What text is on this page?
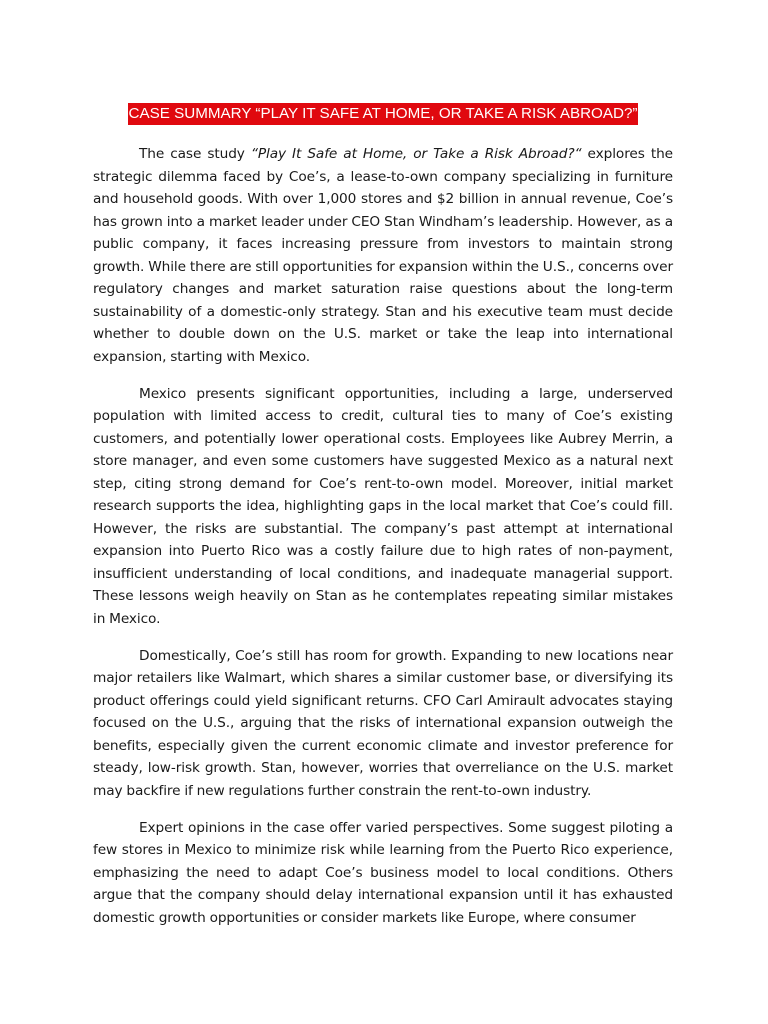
CASE SUMMARY “PLAY IT SAFE AT HOME, OR TAKE A RISK ABROAD?”

The case study “Play It Safe at Home, or Take a Risk Abroad?“ explores the strategic dilemma faced by Coe’s, a lease-to-own company specializing in furniture and household goods. With over 1,000 stores and $2 billion in annual revenue, Coe’s has grown into a market leader under CEO Stan Windham’s leadership. However, as a public company, it faces increasing pressure from investors to maintain strong growth. While there are still opportunities for expansion within the U.S., concerns over regulatory changes and market saturation raise questions about the long-term sustainability of a domestic-only strategy. Stan and his executive team must decide whether to double down on the U.S. market or take the leap into international expansion, starting with Mexico.

Mexico presents significant opportunities, including a large, underserved population with limited access to credit, cultural ties to many of Coe’s existing customers, and potentially lower operational costs. Employees like Aubrey Merrin, a store manager, and even some customers have suggested Mexico as a natural next step, citing strong demand for Coe’s rent-to-own model. Moreover, initial market research supports the idea, highlighting gaps in the local market that Coe’s could fill. However, the risks are substantial. The company’s past attempt at international expansion into Puerto Rico was a costly failure due to high rates of non-payment, insufficient understanding of local conditions, and inadequate managerial support. These lessons weigh heavily on Stan as he contemplates repeating similar mistakes in Mexico.

Domestically, Coe’s still has room for growth. Expanding to new locations near major retailers like Walmart, which shares a similar customer base, or diversifying its product offerings could yield significant returns. CFO Carl Amirault advocates staying focused on the U.S., arguing that the risks of international expansion outweigh the benefits, especially given the current economic climate and investor preference for steady, low-risk growth. Stan, however, worries that overreliance on the U.S. market may backfire if new regulations further constrain the rent-to-own industry.

Expert opinions in the case offer varied perspectives. Some suggest piloting a few stores in Mexico to minimize risk while learning from the Puerto Rico experience, emphasizing the need to adapt Coe’s business model to local conditions. Others argue that the company should delay international expansion until it has exhausted domestic growth opportunities or consider markets like Europe, where consumer
